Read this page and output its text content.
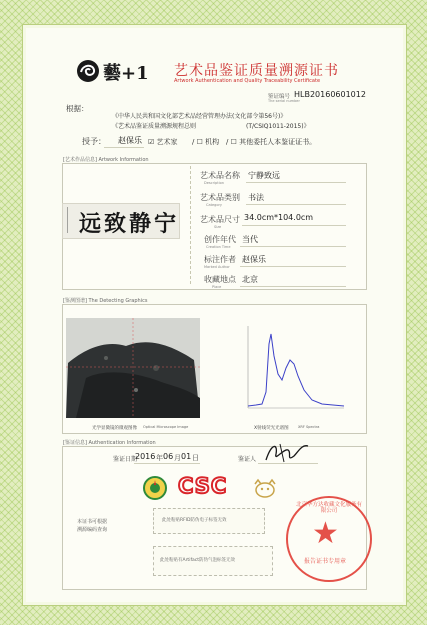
藝+1 艺术品鉴证质量溯源证书
Artwork Authentication and Quality Traceability Certificate
鉴证编号
The serial number
HLB20160601012
根据：
《中华人民共和国文化部艺术品经营管理办法(文化部令第56号)》
《艺术品鉴证质量溯源规程总则	(T/CSIQ1011-2015)》
授予： 赵保乐 ☑ 艺术家 / ☐ 机构 / ☐ 其他委托人本鉴证证书。
[艺术作品信息] Artwork Information
远致静宁
艺术品名称
Description
宁静致远
艺术品类别
Category
书法
艺术品尺寸
Size
34.0cm*104.0cm
创作年代
Creation Time
当代
标注作者
Marked Author
赵保乐
收藏地点
Place
北京
[鉴测图谱] The Detecting Graphics
光学显微镜的微观图像 Optical Microscope Image	X射线荧光光谱图	XRF Spectra
[鉴证信息] Authentication Information
鉴证日期
2016 年 06 月 01 日	鉴证人
CSC
★
北京华方达收藏文化服务有限公司
报告证书专用章
本证书可根据
溯源编码查询
此处粘贴RFID防伪电子标签无效
此处粘贴有Artifact防伪气泡标签无效
